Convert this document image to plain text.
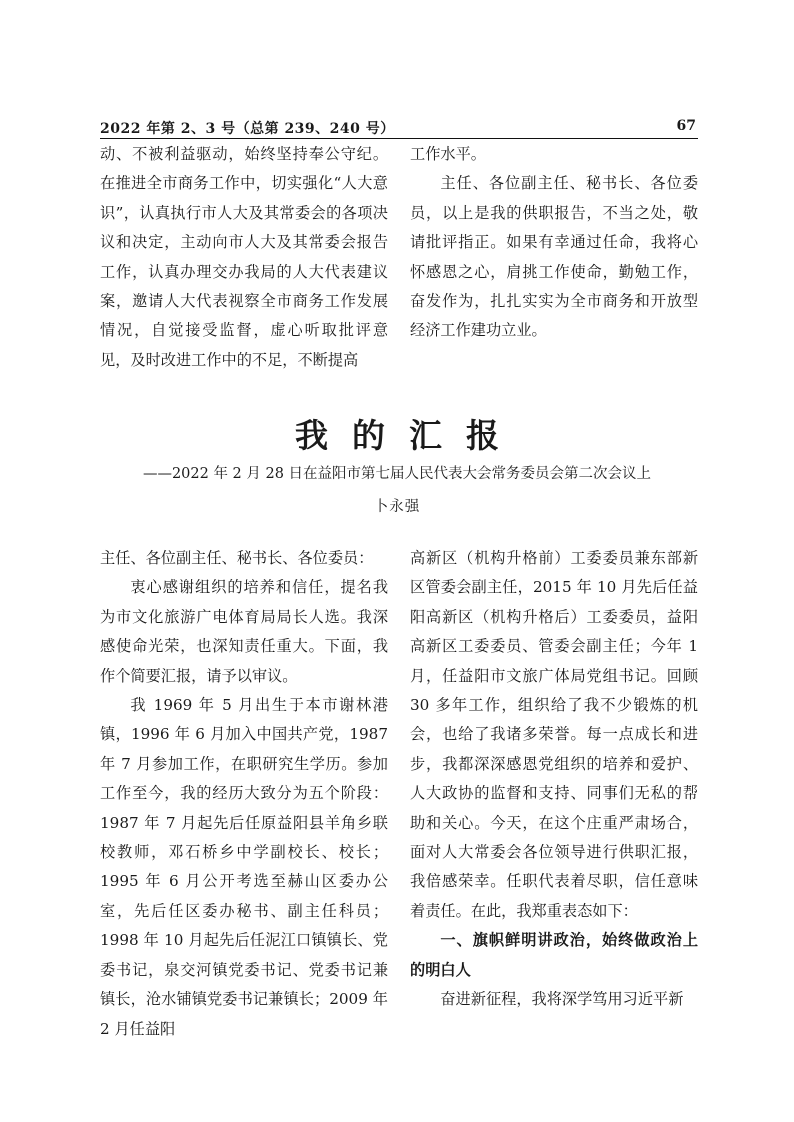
2022 年第 2、3 号（总第 239、240 号）	67

动、不被利益驱动，始终坚持奉公守纪。在推进全市商务工作中，切实强化“人大意识”，认真执行市人大及其常委会的各项决议和决定，主动向市人大及其常委会报告工作，认真办理交办我局的人大代表建议案，邀请人大代表视察全市商务工作发展情况，自觉接受监督，虚心听取批评意见，及时改进工作中的不足，不断提高

工作水平。

主任、各位副主任、秘书长、各位委员，以上是我的供职报告，不当之处，敬请批评指正。如果有幸通过任命，我将心怀感恩之心，肩挑工作使命，勤勉工作，奋发作为，扎扎实实为全市商务和开放型经济工作建功立业。

我的汇报
——2022 年 2 月 28 日在益阳市第七届人民代表大会常务委员会第二次会议上
卜永强

主任、各位副主任、秘书长、各位委员：

衷心感谢组织的培养和信任，提名我为市文化旅游广电体育局局长人选。我深感使命光荣，也深知责任重大。下面，我作个简要汇报，请予以审议。

我 1969 年 5 月出生于本市谢林港镇，1996 年 6 月加入中国共产党，1987 年 7 月参加工作，在职研究生学历。参加工作至今，我的经历大致分为五个阶段：1987 年 7 月起先后任原益阳县羊角乡联校教师，邓石桥乡中学副校长、校长；1995 年 6 月公开考选至赫山区委办公室，先后任区委办秘书、副主任科员；1998 年 10 月起先后任泥江口镇镇长、党委书记，泉交河镇党委书记、党委书记兼镇长，沧水铺镇党委书记兼镇长；2009 年 2 月任益阳

高新区（机构升格前）工委委员兼东部新区管委会副主任，2015 年 10 月先后任益阳高新区（机构升格后）工委委员，益阳高新区工委委员、管委会副主任；今年 1 月，任益阳市文旅广体局党组书记。回顾 30 多年工作，组织给了我不少锻炼的机会，也给了我诸多荣誉。每一点成长和进步，我都深深感恩党组织的培养和爱护、人大政协的监督和支持、同事们无私的帮助和关心。今天，在这个庄重严肃场合，面对人大常委会各位领导进行供职汇报，我倍感荣幸。任职代表着尽职，信任意味着责任。在此，我郑重表态如下：

一、旗帜鲜明讲政治，始终做政治上的明白人

奋进新征程，我将深学笃用习近平新
